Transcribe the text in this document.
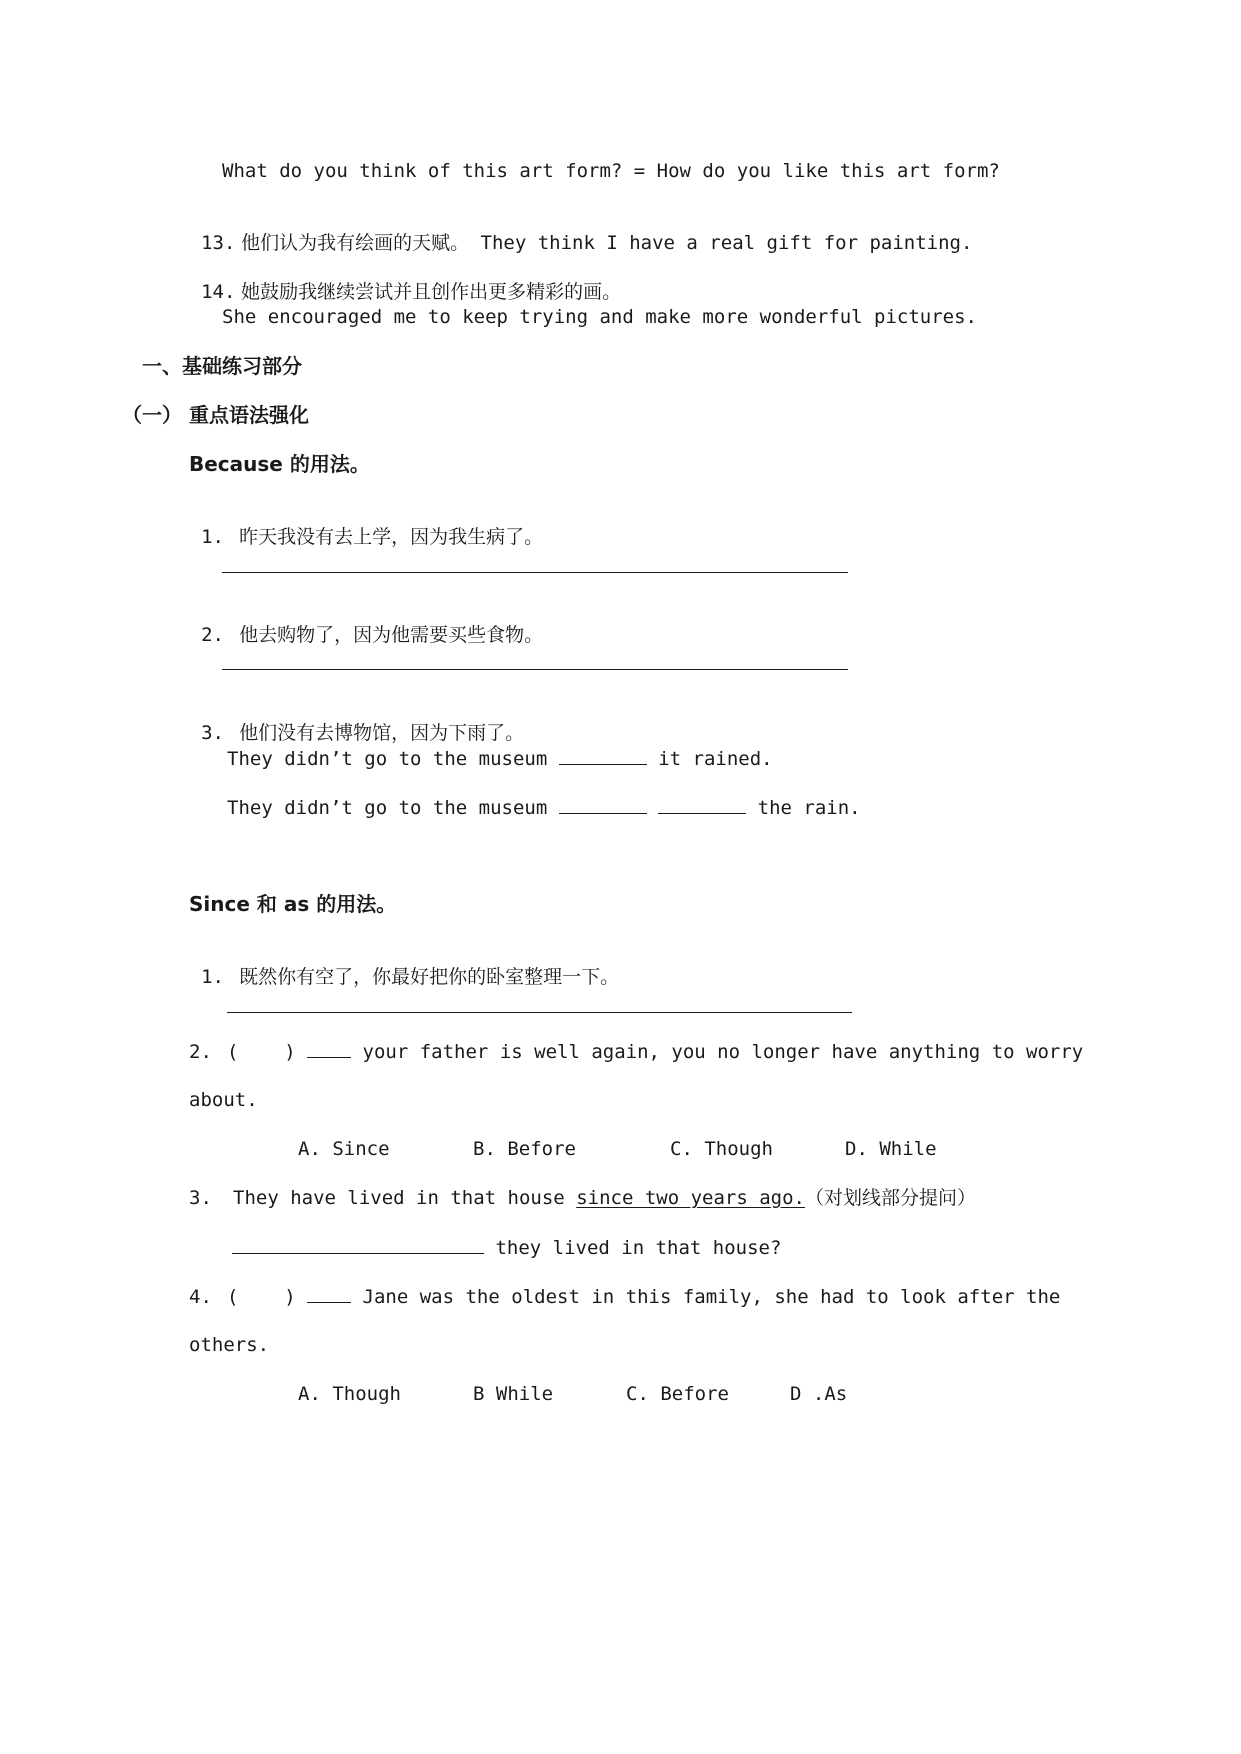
What do you think of this art form? = How do you like this art form?

13. 他们认为我有绘画的天赋。 They think I have a real gift for painting.

14. 她鼓励我继续尝试并且创作出更多精彩的画。

She encouraged me to keep trying and make more wonderful pictures.
一、基础练习部分
（一） 重点语法强化
Because 的用法。

1. 昨天我没有去上学，因为我生病了。

2. 他去购物了，因为他需要买些食物。

3. 他们没有去博物馆，因为下雨了。

They didn’t go to the museum	it rained.
They didn’t go to the museum	the rain.
Since 和 as 的用法。

1. 既然你有空了，你最好把你的卧室整理一下。

2. (    )	your father is well again, you no longer have anything to worry
about.
A. Since	B. Before	C. Though	D. While
3. They have lived in that house since two years ago.（对划线部分提问）
they lived in that house?
4. (    )	Jane was the oldest in this family, she had to look after the
others.
A. Though	B While	C. Before	D .As
